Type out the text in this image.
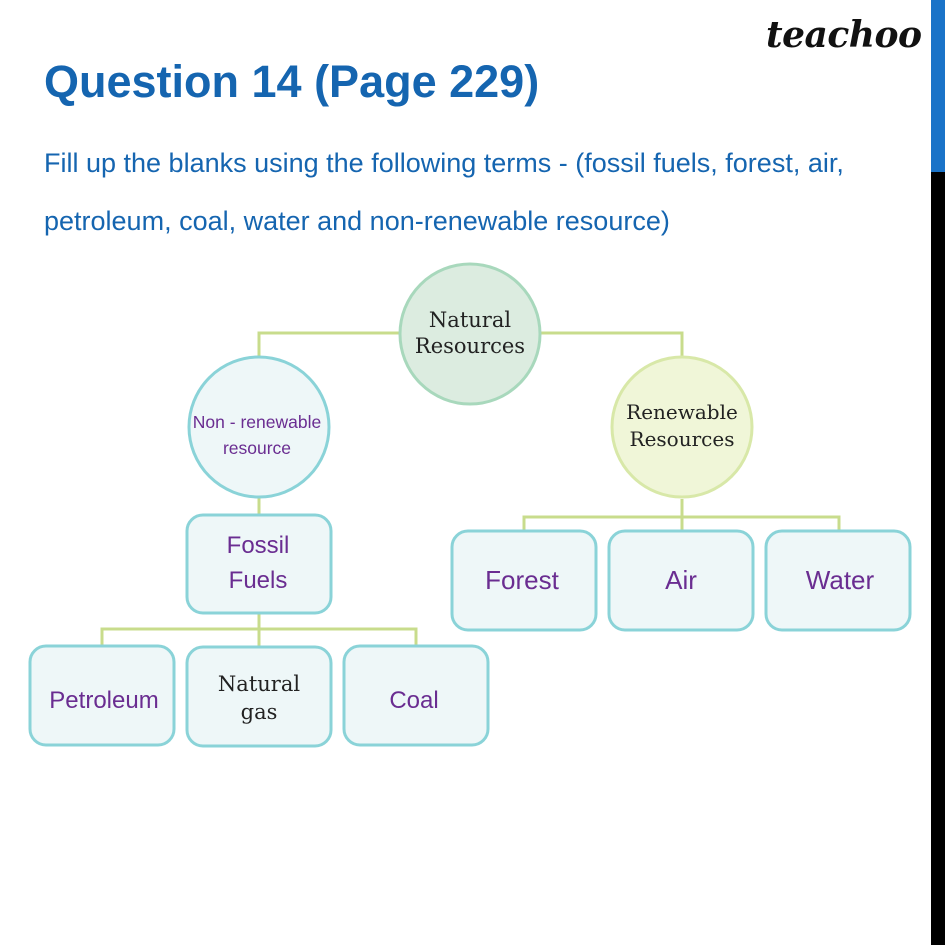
teachoo
Question 14 (Page 229)
Fill up the blanks using the following terms - (fossil fuels, forest, air, petroleum, coal, water and non-renewable resource)
Natural
Resources
Non - renewable
resource
Renewable
Resources
Fossil
Fuels
Petroleum
Natural
gas	Coal
Forest	Air	Water
